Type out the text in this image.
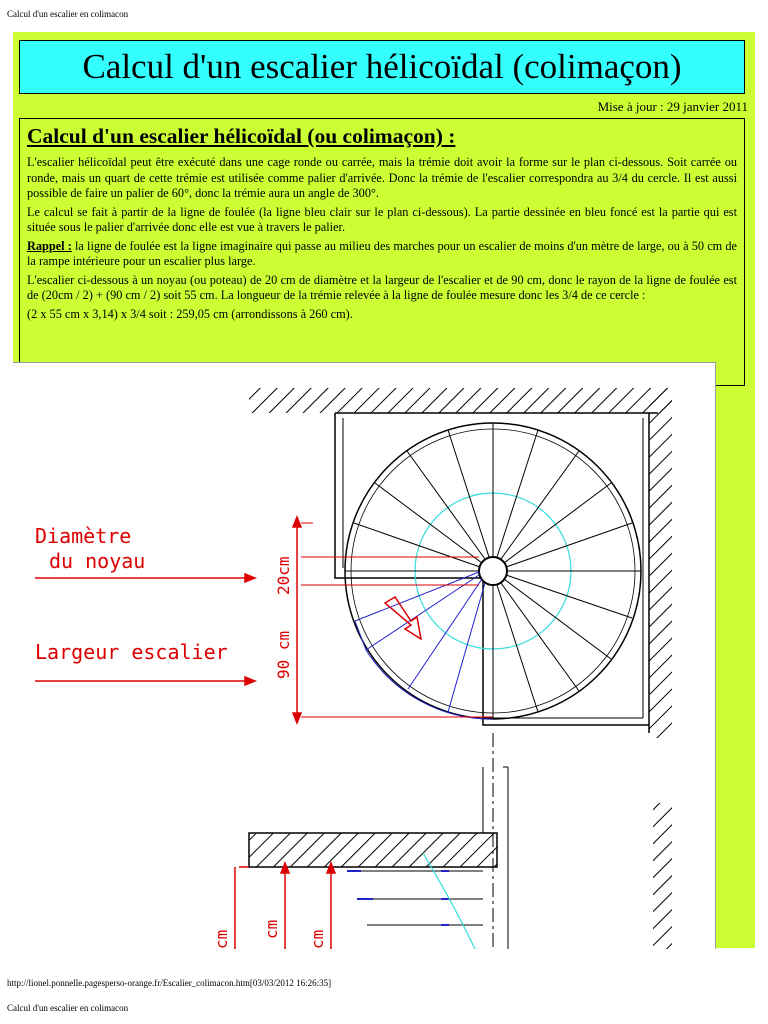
Calcul d'un escalier en colimacon
Calcul d'un escalier hélicoïdal (colimaçon)
Mise à jour : 29 janvier 2011
Calcul d'un escalier hélicoïdal (ou colimaçon) :

L'escalier hélicoïdal peut être exécuté dans une cage ronde ou carrée, mais la trémie doit avoir la forme sur le plan ci-dessous. Soit carrée ou ronde, mais un quart de cette trémie est utilisée comme palier d'arrivée. Donc la trémie de l'escalier correspondra au 3/4 du cercle. Il est aussi possible de faire un palier de 60°, donc la trémie aura un angle de 300°.

Le calcul se fait à partir de la ligne de foulée (la ligne bleu clair sur le plan ci-dessous). La partie dessinée en bleu foncé est la partie qui est située sous le palier d'arrivée donc elle est vue à travers le palier.

Rappel : la ligne de foulée est la ligne imaginaire qui passe au milieu des marches pour un escalier de moins d'un mètre de large, ou à 50 cm de la rampe intérieure pour un escalier plus large.

L'escalier ci-dessous à un noyau (ou poteau) de 20 cm de diamètre et la largeur de l'escalier et de 90 cm, donc le rayon de la ligne de foulée est de (20cm / 2) + (90 cm / 2) soit 55 cm. La longueur de la trémie relevée à la ligne de foulée mesure donc les 3/4 de ce cercle :

(2 x 55 cm x 3,14) x 3/4 soit : 259,05 cm (arrondissons à 260 cm).

Diamètre
du noyau
Largeur escalier
20cm
90 cm
cm
cm
cm
http://lionel.ponnelle.pagesperso-orange.fr/Escalier_colimacon.htm[03/03/2012 16:26:35]
Calcul d'un escalier en colimacon
